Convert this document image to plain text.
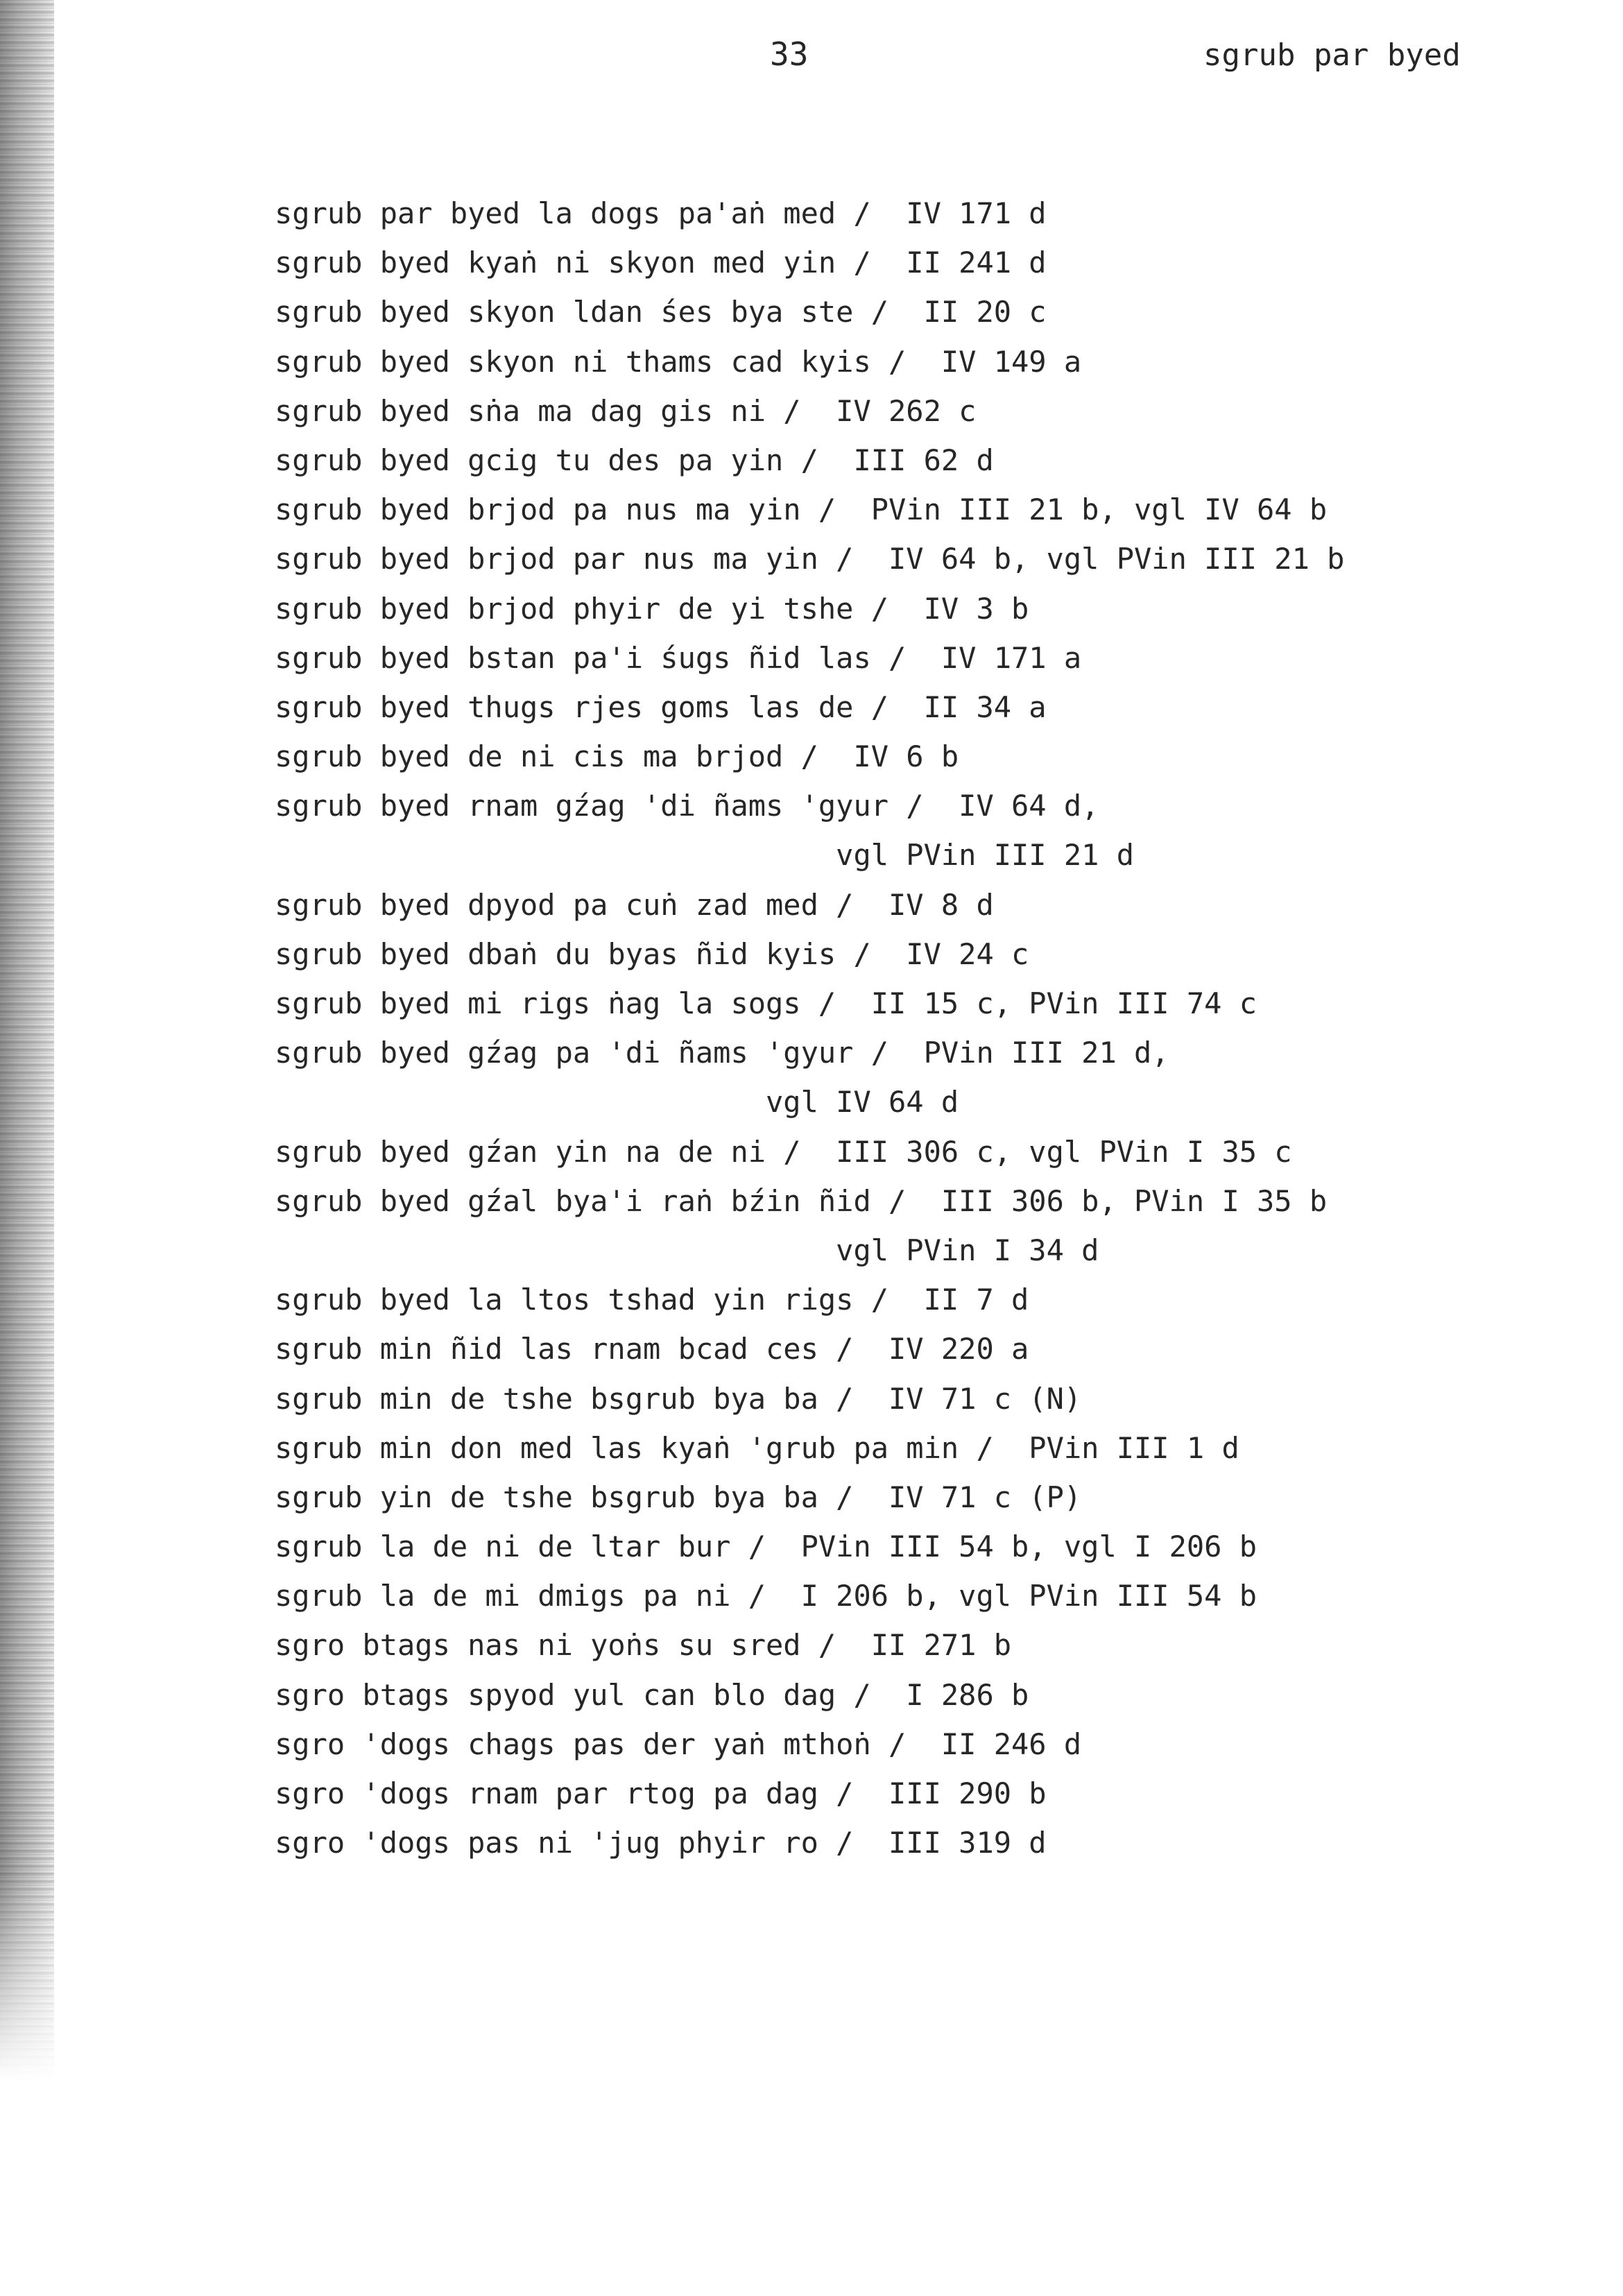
33	sgrub par byed
sgrub par byed la dogs pa'aṅ med /  IV 171 d
sgrub byed kyaṅ ni skyon med yin /  II 241 d
sgrub byed skyon ldan śes bya ste /  II 20 c
sgrub byed skyon ni thams cad kyis /  IV 149 a
sgrub byed sṅa ma dag gis ni /  IV 262 c
sgrub byed gcig tu des pa yin /  III 62 d
sgrub byed brjod pa nus ma yin /  PVin III 21 b, vgl IV 64 b
sgrub byed brjod par nus ma yin /  IV 64 b, vgl PVin III 21 b
sgrub byed brjod phyir de yi tshe /  IV 3 b
sgrub byed bstan pa'i śugs ñid las /  IV 171 a
sgrub byed thugs rjes goms las de /  II 34 a
sgrub byed de ni cis ma brjod /  IV 6 b
sgrub byed rnam gźag 'di ñams 'gyur /  IV 64 d,
vgl PVin III 21 d
sgrub byed dpyod pa cuṅ zad med /  IV 8 d
sgrub byed dbaṅ du byas ñid kyis /  IV 24 c
sgrub byed mi rigs ṅag la sogs /  II 15 c, PVin III 74 c
sgrub byed gźag pa 'di ñams 'gyur /  PVin III 21 d,
vgl IV 64 d
sgrub byed gźan yin na de ni /  III 306 c, vgl PVin I 35 c
sgrub byed gźal bya'i raṅ bźin ñid /  III 306 b, PVin I 35 b
vgl PVin I 34 d
sgrub byed la ltos tshad yin rigs /  II 7 d
sgrub min ñid las rnam bcad ces /  IV 220 a
sgrub min de tshe bsgrub bya ba /  IV 71 c (N)
sgrub min don med las kyaṅ 'grub pa min /  PVin III 1 d
sgrub yin de tshe bsgrub bya ba /  IV 71 c (P)
sgrub la de ni de ltar bur /  PVin III 54 b, vgl I 206 b
sgrub la de mi dmigs pa ni /  I 206 b, vgl PVin III 54 b
sgro btags nas ni yoṅs su sred /  II 271 b
sgro btags spyod yul can blo dag /  I 286 b
sgro 'dogs chags pas der yaṅ mthoṅ /  II 246 d
sgro 'dogs rnam par rtog pa dag /  III 290 b
sgro 'dogs pas ni 'jug phyir ro /  III 319 d
